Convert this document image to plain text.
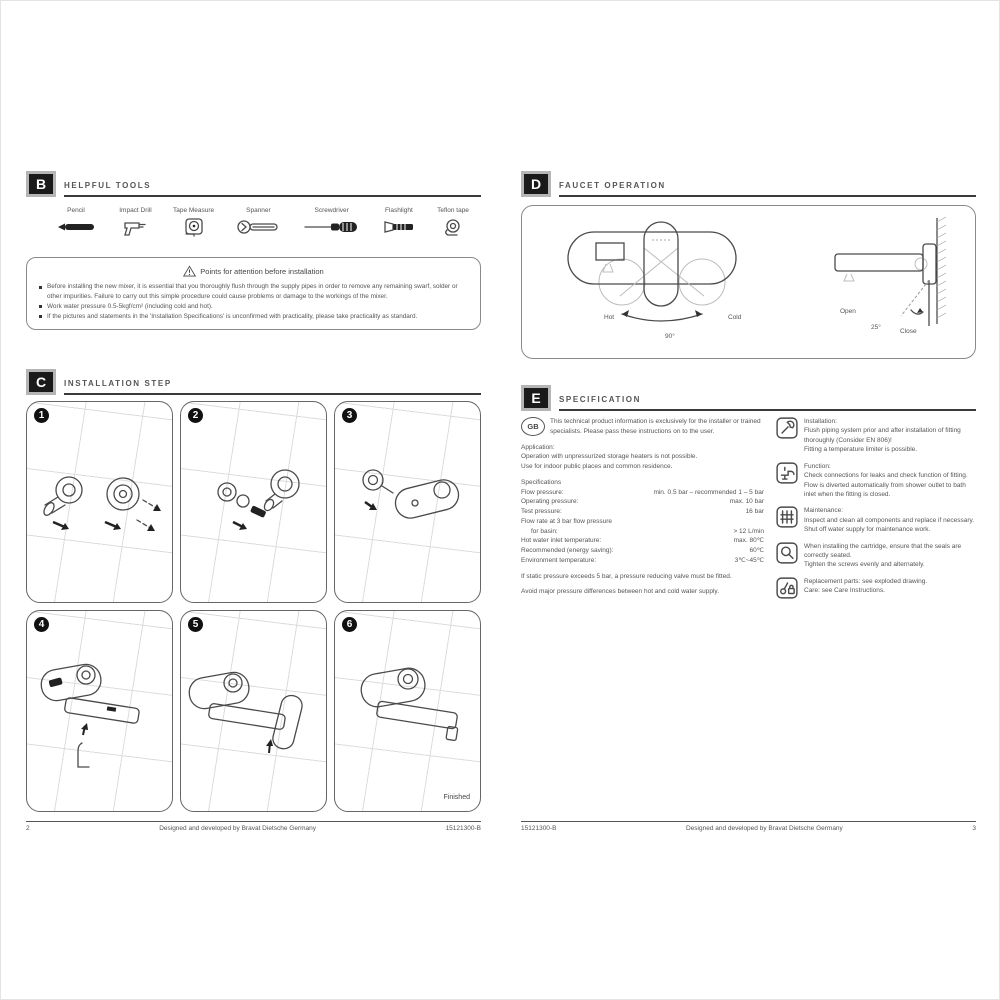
B	HELPFUL TOOLS
Pencil	Impact Drill	Tape Measure	Spanner	Screwdriver	Flashlight	Teflon tape
Points for attention before installation
Before installing the new mixer, it is essential that you thoroughly flush through the supply pipes in order to remove any remaining swarf, solder or other impurities. Failure to carry out this simple procedure could cause problems or damage to the workings of the mixer.
Work water pressure 0.5-5kgf/cm² (including cold and hot).
If the pictures and statements in the 'Installation Specifications' is unconfirmed with practicality, please take practicality as standard.
C	INSTALLATION STEP
1	2	3
4	5	6
Finished
2	Designed and developed by Bravat Dietsche Germany	15121300-B
D	FAUCET OPERATION
Hot	Cold
90°
Open
25°
Close
E	SPECIFICATION
GB
This technical product information is exclusively for the installer or trained specialists. Please pass these instructions on to the user.
Application:
Operation with unpressurized storage heaters is not possible.
Use for indoor public places and common residence.
Specifications
Flow pressure:	min. 0.5 bar – recommended 1 – 5 bar
Operating pressure:	max. 10 bar
Test pressure:	16 bar
Flow rate at 3 bar flow pressure
for basin:	> 12 L/min
Hot water inlet temperature:	max. 80℃
Recommended (energy saving):	60℃
Environment temperature:	3℃~45℃
If static pressure exceeds 5 bar, a pressure reducing valve must be fitted.
Avoid major pressure differences between hot and cold water supply.
Installation:
Flush piping system prior and after installation of fitting thoroughly (Consider EN 806)!
Fitting a temperature limiter is possible.
Function:
Check connections for leaks and check function of fitting.
Flow is diverted automatically from shower outlet to bath inlet when the fitting is closed.
Maintenance:
Inspect and clean all components and replace if necessary.
Shut off water supply for maintenance work.
When installing the cartridge, ensure that the seals are correctly seated.
Tighten the screws evenly and alternately.
Replacement parts: see exploded drawing.
Care: see Care Instructions.
15121300-B	Designed and developed by Bravat Dietsche Germany	3
